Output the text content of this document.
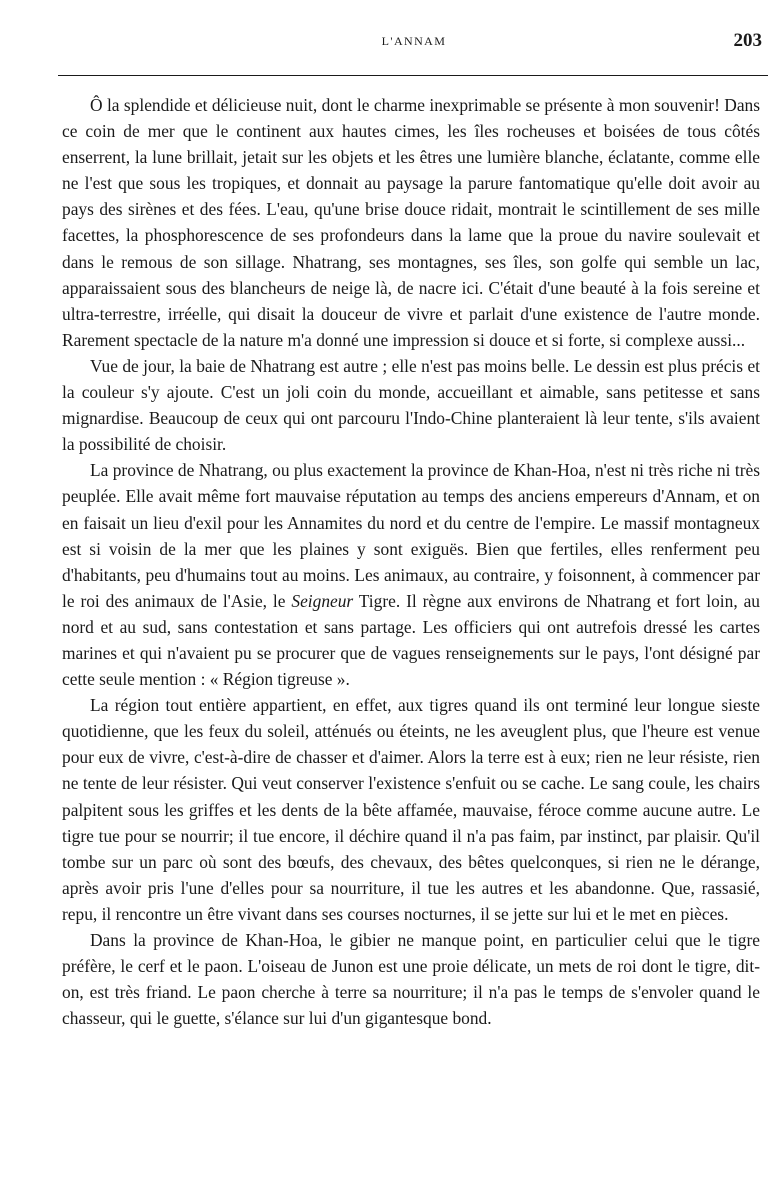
L'ANNAM	203

Ô la splendide et délicieuse nuit, dont le charme inexprimable se présente à mon souvenir! Dans ce coin de mer que le continent aux hautes cimes, les îles rocheuses et boisées de tous côtés enserrent, la lune brillait, jetait sur les objets et les êtres une lumière blanche, éclatante, comme elle ne l'est que sous les tropiques, et donnait au paysage la parure fantomatique qu'elle doit avoir au pays des sirènes et des fées. L'eau, qu'une brise douce ridait, montrait le scintillement de ses mille facettes, la phosphorescence de ses profondeurs dans la lame que la proue du navire soulevait et dans le remous de son sillage. Nhatrang, ses montagnes, ses îles, son golfe qui semble un lac, apparaissaient sous des blancheurs de neige là, de nacre ici. C'était d'une beauté à la fois sereine et ultra-terrestre, irréelle, qui disait la douceur de vivre et parlait d'une existence de l'autre monde. Rarement spectacle de la nature m'a donné une impression si douce et si forte, si complexe aussi...

Vue de jour, la baie de Nhatrang est autre ; elle n'est pas moins belle. Le dessin est plus précis et la couleur s'y ajoute. C'est un joli coin du monde, accueillant et aimable, sans petitesse et sans mignardise. Beaucoup de ceux qui ont parcouru l'Indo-Chine planteraient là leur tente, s'ils avaient la possibilité de choisir.

La province de Nhatrang, ou plus exactement la province de Khan-Hoa, n'est ni très riche ni très peuplée. Elle avait même fort mauvaise réputation au temps des anciens empereurs d'Annam, et on en faisait un lieu d'exil pour les Annamites du nord et du centre de l'empire. Le massif montagneux est si voisin de la mer que les plaines y sont exiguës. Bien que fertiles, elles renferment peu d'habitants, peu d'humains tout au moins. Les animaux, au contraire, y foisonnent, à commencer par le roi des animaux de l'Asie, le Seigneur Tigre. Il règne aux environs de Nhatrang et fort loin, au nord et au sud, sans contestation et sans partage. Les officiers qui ont autrefois dressé les cartes marines et qui n'avaient pu se procurer que de vagues renseignements sur le pays, l'ont désigné par cette seule mention : « Région tigreuse ».

La région tout entière appartient, en effet, aux tigres quand ils ont terminé leur longue sieste quotidienne, que les feux du soleil, atténués ou éteints, ne les aveuglent plus, que l'heure est venue pour eux de vivre, c'est-à-dire de chasser et d'aimer. Alors la terre est à eux; rien ne leur résiste, rien ne tente de leur résister. Qui veut conserver l'existence s'enfuit ou se cache. Le sang coule, les chairs palpitent sous les griffes et les dents de la bête affamée, mauvaise, féroce comme aucune autre. Le tigre tue pour se nourrir; il tue encore, il déchire quand il n'a pas faim, par instinct, par plaisir. Qu'il tombe sur un parc où sont des bœufs, des chevaux, des bêtes quelconques, si rien ne le dérange, après avoir pris l'une d'elles pour sa nourriture, il tue les autres et les abandonne. Que, rassasié, repu, il rencontre un être vivant dans ses courses nocturnes, il se jette sur lui et le met en pièces.

Dans la province de Khan-Hoa, le gibier ne manque point, en particulier celui que le tigre préfère, le cerf et le paon. L'oiseau de Junon est une proie délicate, un mets de roi dont le tigre, dit-on, est très friand. Le paon cherche à terre sa nourriture; il n'a pas le temps de s'envoler quand le chasseur, qui le guette, s'élance sur lui d'un gigantesque bond.
